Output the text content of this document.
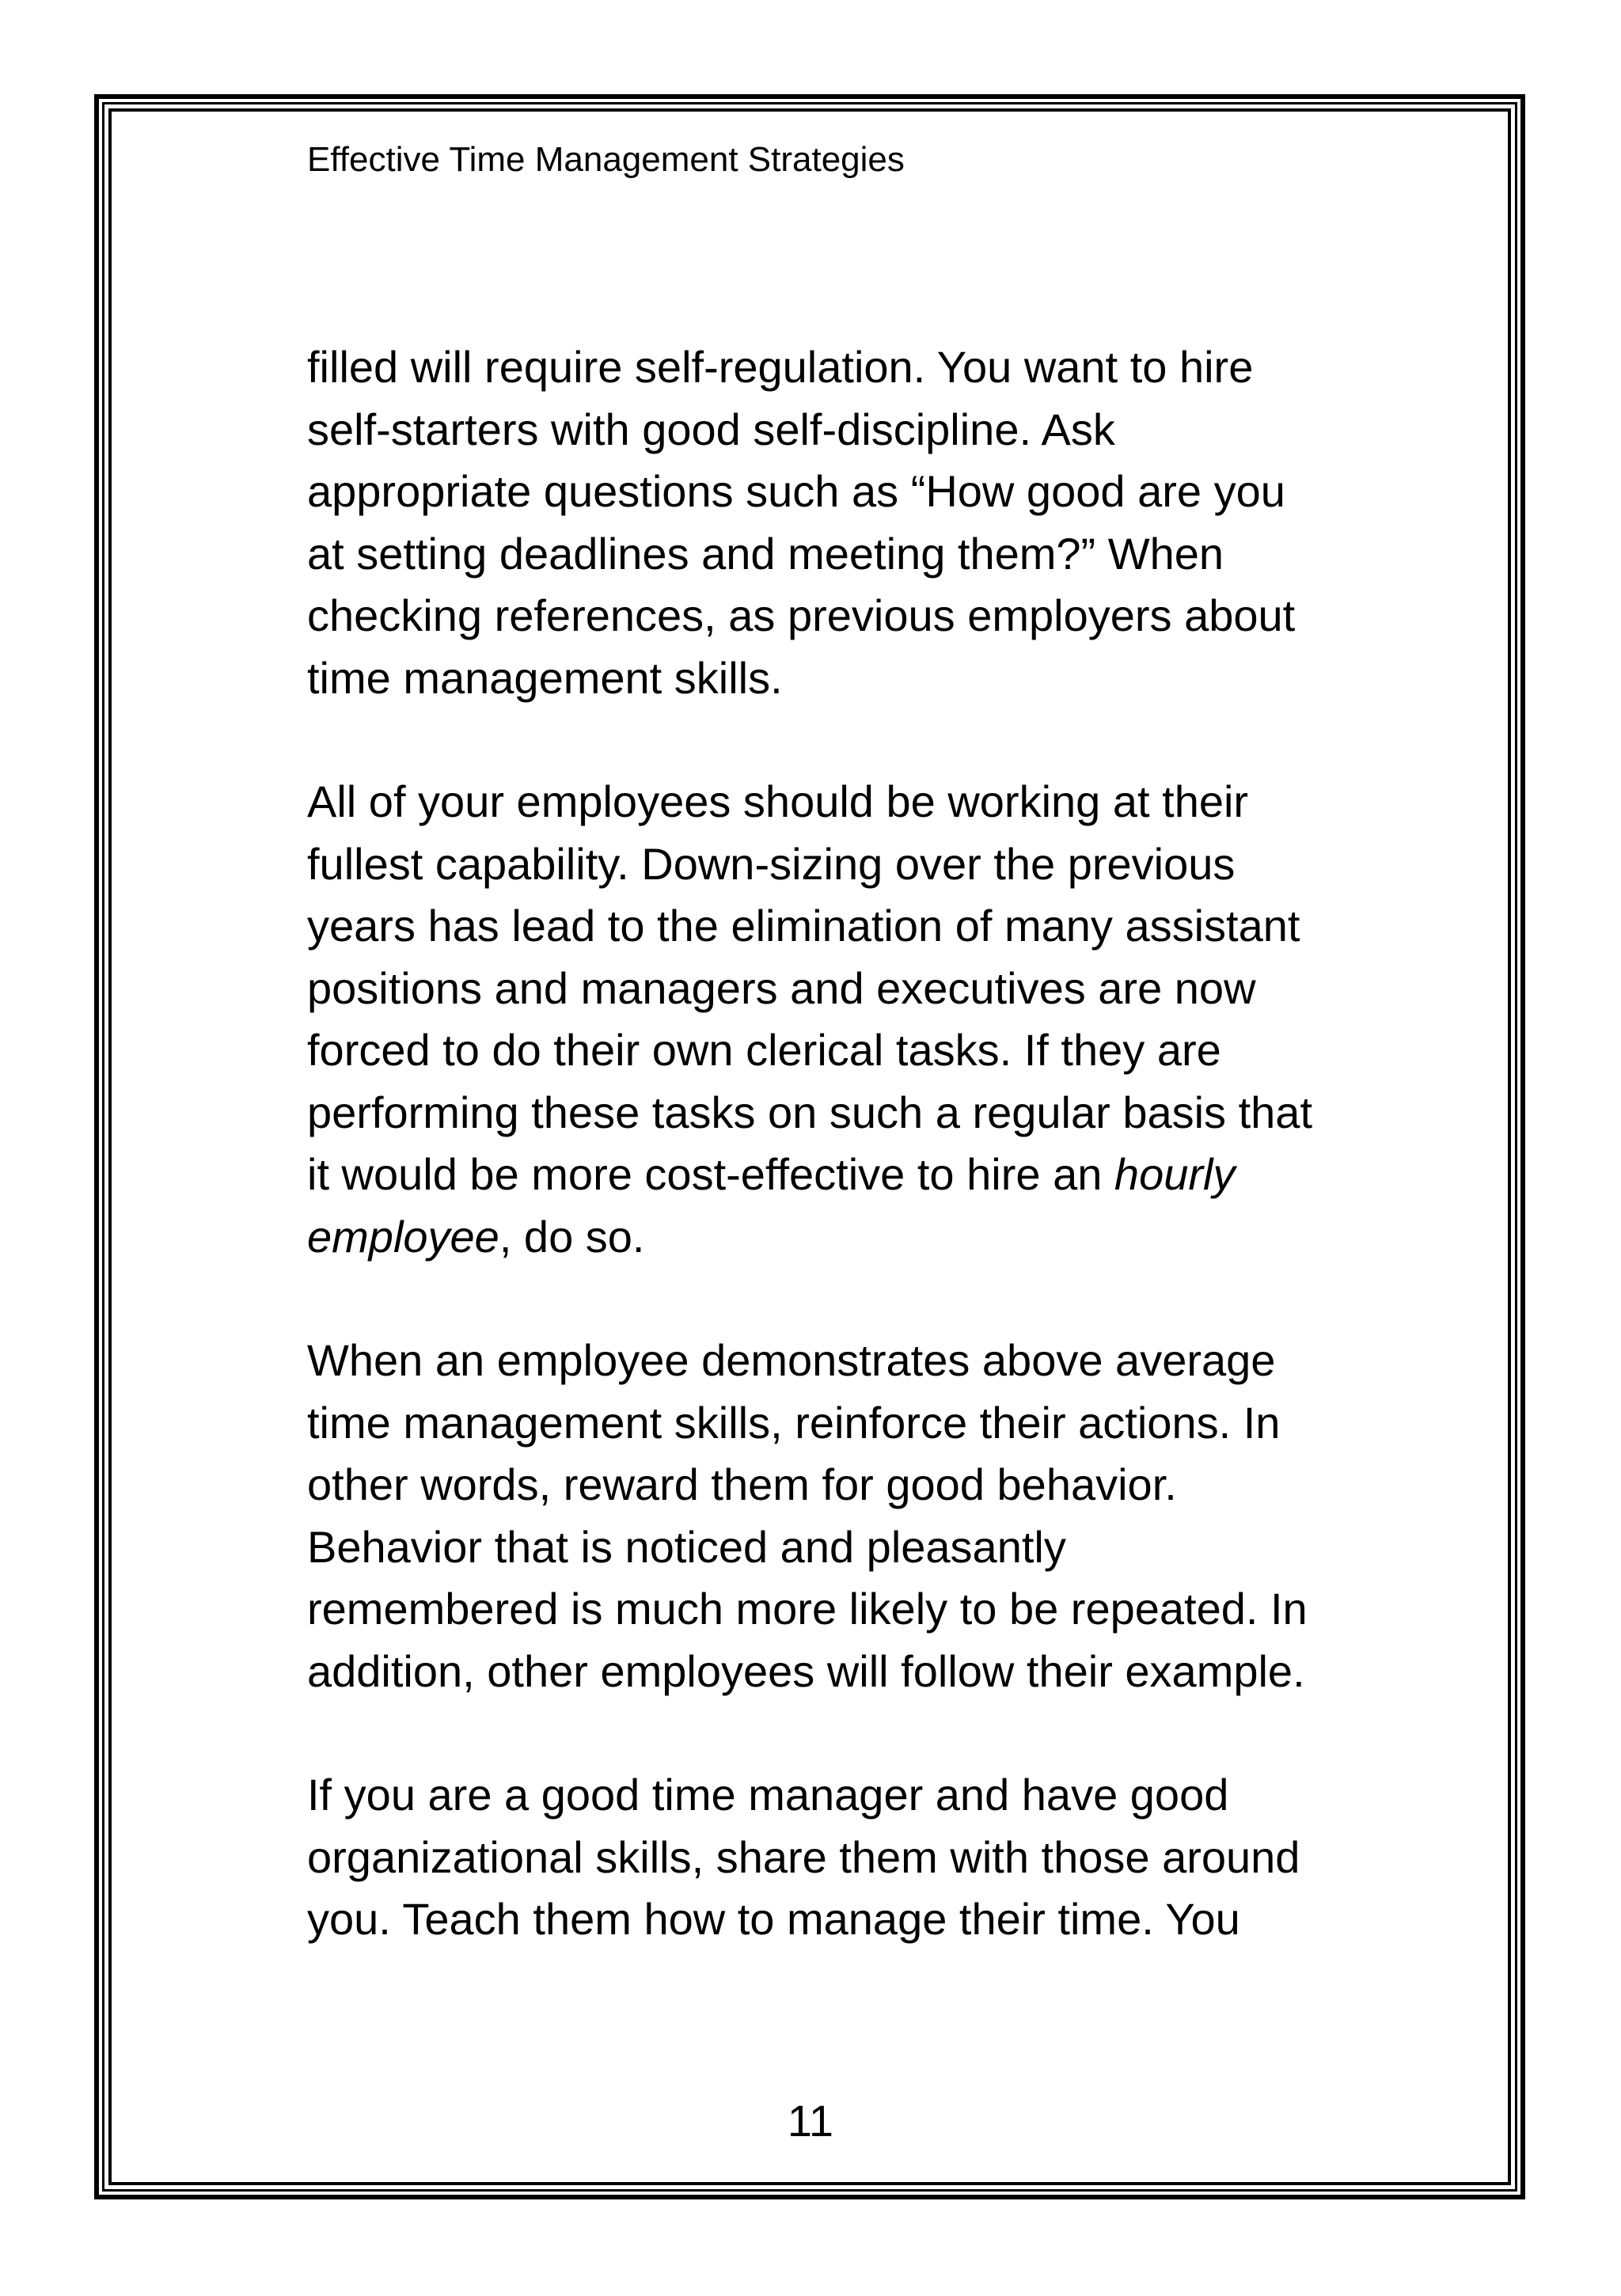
Effective Time Management Strategies

filled will require self-regulation. You want to hire
self-starters with good self-discipline. Ask
appropriate questions such as “How good are you
at setting deadlines and meeting them?” When
checking references, as previous employers about
time management skills.

All of your employees should be working at their
fullest capability. Down-sizing over the previous
years has lead to the elimination of many assistant
positions and managers and executives are now
forced to do their own clerical tasks. If they are
performing these tasks on such a regular basis that
it would be more cost-effective to hire an hourly
employee, do so.

When an employee demonstrates above average
time management skills, reinforce their actions. In
other words, reward them for good behavior.
Behavior that is noticed and pleasantly
remembered is much more likely to be repeated. In
addition, other employees will follow their example.

If you are a good time manager and have good
organizational skills, share them with those around
you. Teach them how to manage their time. You

11
